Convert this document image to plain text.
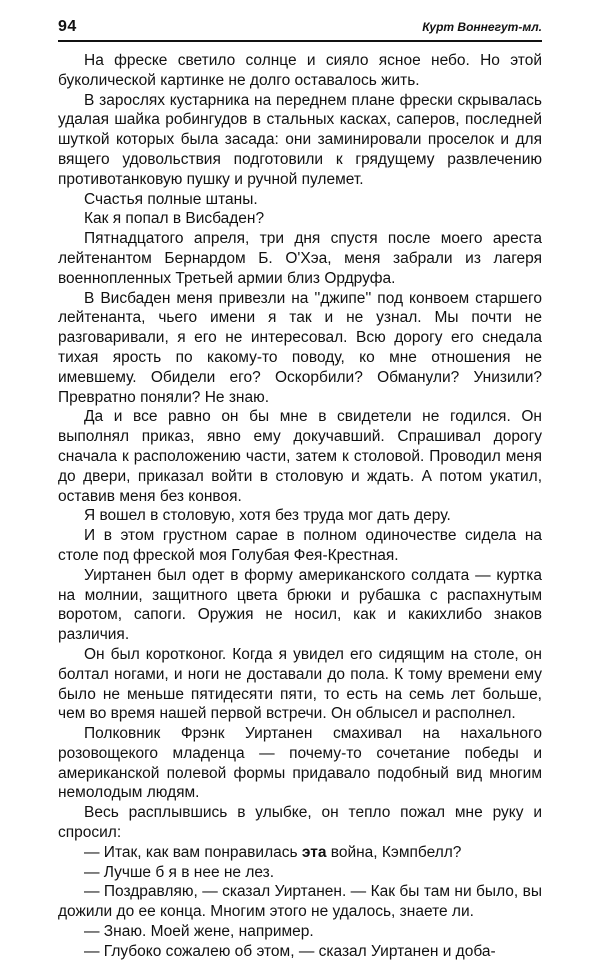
94	Курт Воннегут-мл.

На фреске светило солнце и сияло ясное небо. Но этой буколической картинке не долго оставалось жить.

В зарослях кустарника на переднем плане фрески скрывалась удалая шайка робингудов в стальных касках, саперов, последней шуткой которых была засада: они заминировали проселок и для вящего удовольствия подготовили к грядущему развлечению противотанковую пушку и ручной пулемет.

Счастья полные штаны.

Как я попал в Висбаден?

Пятнадцатого апреля, три дня спустя после моего ареста лейтенантом Бернардом Б. О'Хэа, меня забрали из лагеря военнопленных Третьей армии близ Ордруфа.

В Висбаден меня привезли на ''джипе'' под конвоем старшего лейтенанта, чьего имени я так и не узнал. Мы почти не разговаривали, я его не интересовал. Всю дорогу его снедала тихая ярость по какому-то поводу, ко мне отношения не имевшему. Обидели его? Оскорбили? Обманули? Унизили? Превратно поняли? Не знаю.

Да и все равно он бы мне в свидетели не годился. Он выполнял приказ, явно ему докучавший. Спрашивал дорогу сначала к расположению части, затем к столовой. Проводил меня до двери, приказал войти в столовую и ждать. А потом укатил, оставив меня без конвоя.

Я вошел в столовую, хотя без труда мог дать деру.

И в этом грустном сарае в полном одиночестве сидела на столе под фреской моя Голубая Фея-Крестная.

Уиртанен был одет в форму американского солдата — куртка на молнии, защитного цвета брюки и рубашка с распахнутым воротом, сапоги. Оружия не носил, как и какихлибо знаков различия.

Он был коротконог. Когда я увидел его сидящим на столе, он болтал ногами, и ноги не доставали до пола. К тому времени ему было не меньше пятидесяти пяти, то есть на семь лет больше, чем во время нашей первой встречи. Он облысел и располнел.

Полковник Фрэнк Уиртанен смахивал на нахального розовощекого младенца — почему-то сочетание победы и американской полевой формы придавало подобный вид многим немолодым людям.

Весь расплывшись в улыбке, он тепло пожал мне руку и спросил:

— Итак, как вам понравилась эта война, Кэмпбелл?

— Лучше б я в нее не лез.

— Поздравляю, — сказал Уиртанен. — Как бы там ни было, вы дожили до ее конца. Многим этого не удалось, знаете ли.

— Знаю. Моей жене, например.

— Глубоко сожалею об этом, — сказал Уиртанен и доба-
